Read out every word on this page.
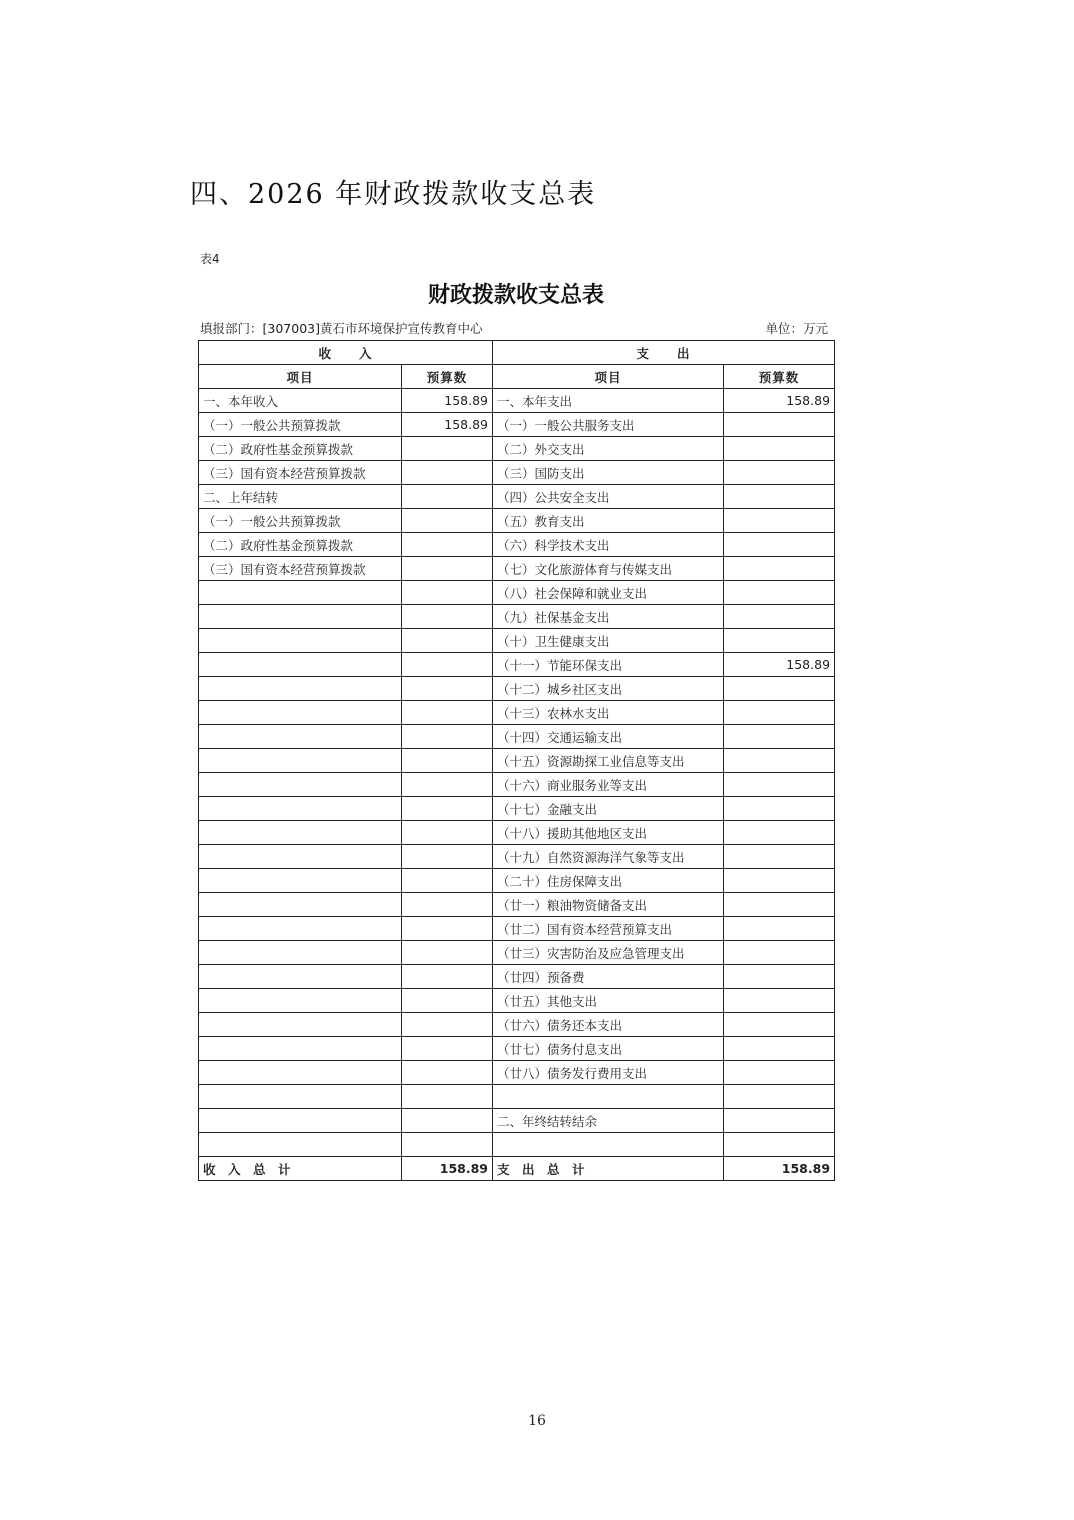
四、2026 年财政拨款收支总表
表4
财政拨款收支总表
填报部门：[307003]黄石市环境保护宣传教育中心	单位：万元
收　　入		支　　出	
项目	预算数	项目	预算数
一、本年收入	158.89	一、本年支出	158.89
（一）一般公共预算拨款	158.89	（一）一般公共服务支出	
（二）政府性基金预算拨款		（二）外交支出	
（三）国有资本经营预算拨款		（三）国防支出	
二、上年结转		（四）公共安全支出	
（一）一般公共预算拨款		（五）教育支出	
（二）政府性基金预算拨款		（六）科学技术支出	
（三）国有资本经营预算拨款		（七）文化旅游体育与传媒支出	
		（八）社会保障和就业支出	
		（九）社保基金支出	
		（十）卫生健康支出	
		（十一）节能环保支出	158.89
		（十二）城乡社区支出	
		（十三）农林水支出	
		（十四）交通运输支出	
		（十五）资源勘探工业信息等支出	
		（十六）商业服务业等支出	
		（十七）金融支出	
		（十八）援助其他地区支出	
		（十九）自然资源海洋气象等支出	
		（二十）住房保障支出	
		（廿一）粮油物资储备支出	
		（廿二）国有资本经营预算支出	
		（廿三）灾害防治及应急管理支出	
		（廿四）预备费	
		（廿五）其他支出	
		（廿六）债务还本支出	
		（廿七）债务付息支出	
		（廿八）债务发行费用支出	

		二、年终结转结余	

收　入　总　计	158.89	支　出　总　计	158.89
16
